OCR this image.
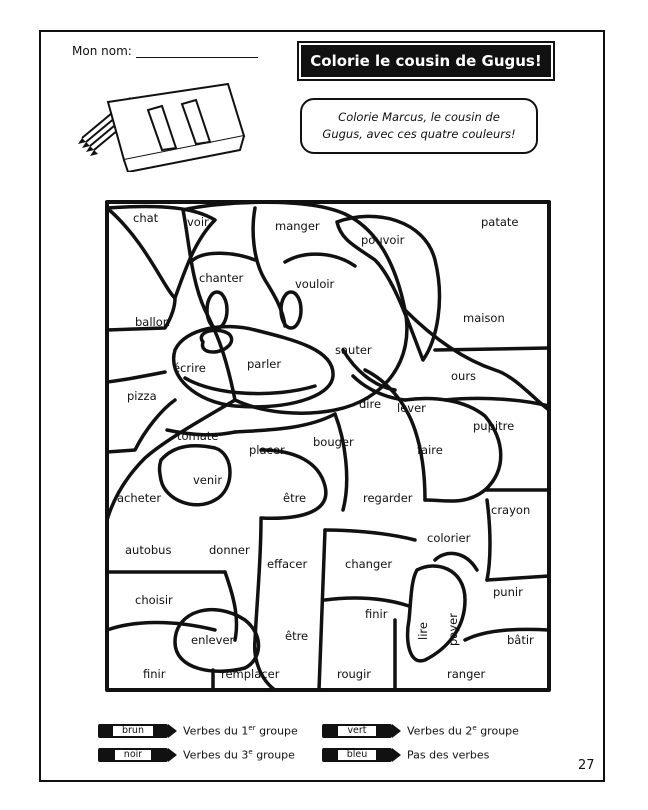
Mon nom:
Colorie le cousin de Gugus!
Colorie Marcus, le cousin de
Gugus, avec ces quatre couleurs!
chat	voir	manger	patate
pouvoir
chanter	vouloir
ballon	maison
sauter
écrire	parler
ours
pizza
dire lever
pupitre
tomate	bouger
placer	faire
venir
acheter	être	regarder
crayon
colorier
autobus	donner
effacer	changer
choisir
punir
finir
lire payer
enlever	être	bâtir
finir	remplacer	rougir	ranger
brun	Verbes du 1er groupe	vert	Verbes du 2e groupe
noir	Verbes du 3e groupe	bleu	Pas des verbes
27
